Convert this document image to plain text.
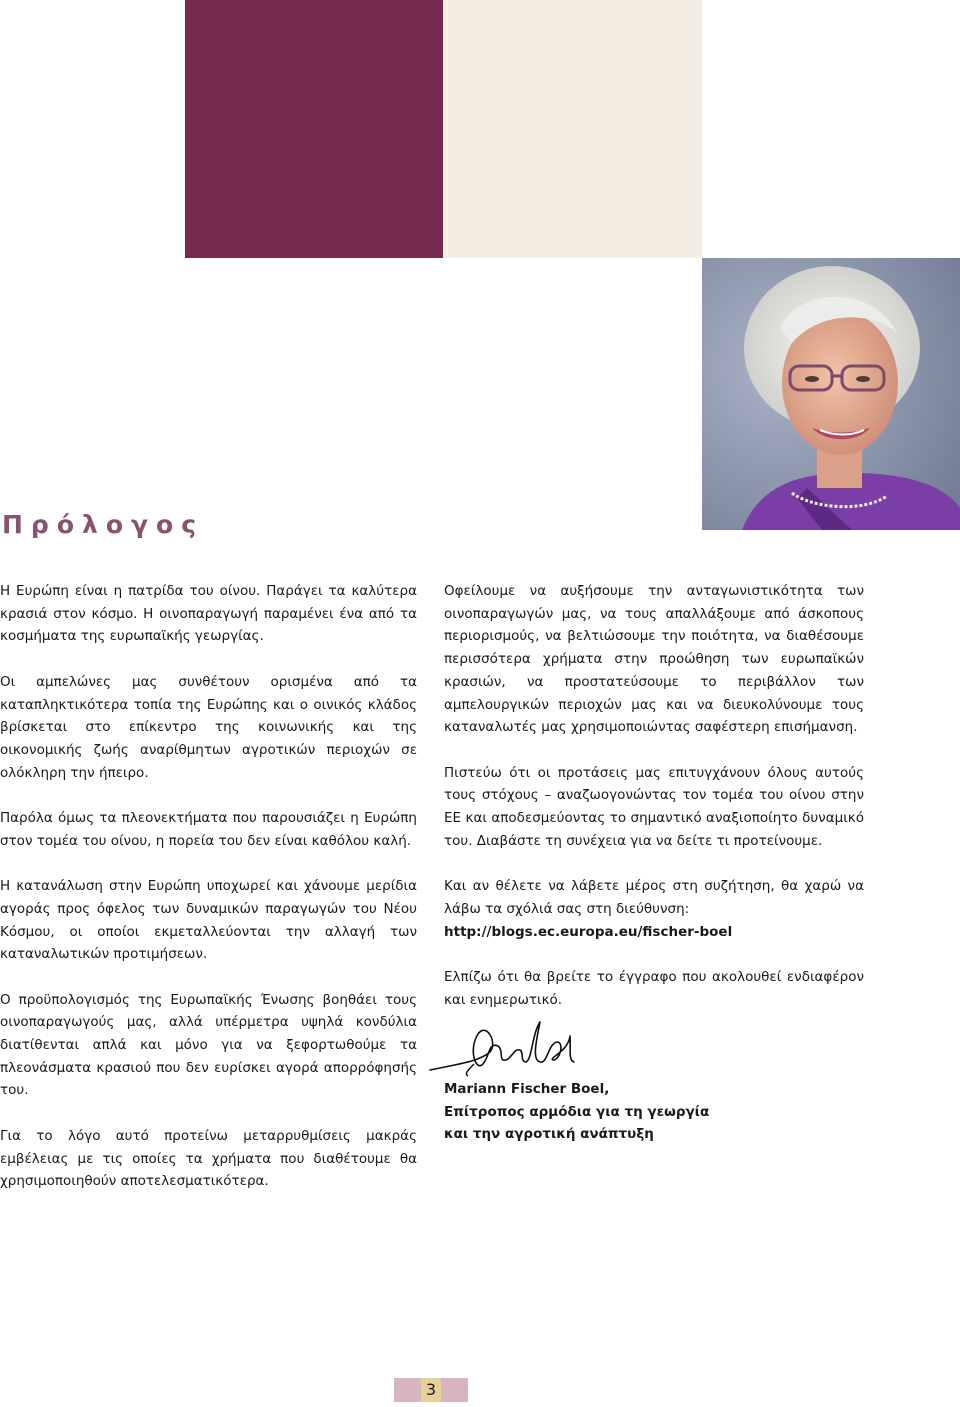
Πρόλογος

Η Ευρώπη είναι η πατρίδα του οίνου. Παράγει τα καλύτερα κρασιά στον κόσμο. Η οινοπαραγωγή παραμένει ένα από τα κοσμήματα της ευρωπαϊκής γεωργίας.

Οι αμπελώνες μας συνθέτουν ορισμένα από τα καταπληκτικότερα τοπία της Ευρώπης και ο οινικός κλάδος βρίσκεται στο επίκεντρο της κοινωνικής και της οικονομικής ζωής αναρίθμητων αγροτικών περιοχών σε ολόκληρη την ήπειρο.

Παρόλα όμως τα πλεονεκτήματα που παρουσιάζει η Ευρώπη στον τομέα του οίνου, η πορεία του δεν είναι καθόλου καλή.

Η κατανάλωση στην Ευρώπη υποχωρεί και χάνουμε μερίδια αγοράς προς όφελος των δυναμικών παραγωγών του Νέου Κόσμου, οι οποίοι εκμεταλλεύονται την αλλαγή των καταναλωτικών προτιμήσεων.

Ο προϋπολογισμός της Ευρωπαϊκής Ένωσης βοηθάει τους οινοπαραγωγούς μας, αλλά υπέρμετρα υψηλά κονδύλια διατίθενται απλά και μόνο για να ξεφορτωθούμε τα πλεονάσματα κρασιού που δεν ευρίσκει αγορά απορρόφησής του.

Για το λόγο αυτό προτείνω μεταρρυθμίσεις μακράς εμβέλειας με τις οποίες τα χρήματα που διαθέτουμε θα χρησιμοποιηθούν αποτελεσματικότερα.

Οφείλουμε να αυξήσουμε την ανταγωνιστικότητα των οινοπαραγωγών μας, να τους απαλλάξουμε από άσκοπους περιορισμούς, να βελτιώσουμε την ποιότητα, να διαθέσουμε περισσότερα χρήματα στην προώθηση των ευρωπαϊκών κρασιών, να προστατεύσουμε το περιβάλλον των αμπελουργικών περιοχών μας και να διευκολύνουμε τους καταναλωτές μας χρησιμοποιώντας σαφέστερη επισήμανση.

Πιστεύω ότι οι προτάσεις μας επιτυγχάνουν όλους αυτούς τους στόχους – αναζωογονώντας τον τομέα του οίνου στην ΕΕ και αποδεσμεύοντας το σημαντικό αναξιοποίητο δυναμικό του. Διαβάστε τη συνέχεια για να δείτε τι προτείνουμε.

Και αν θέλετε να λάβετε μέρος στη συζήτηση, θα χαρώ να λάβω τα σχόλιά σας στη διεύθυνση:
http://blogs.ec.europa.eu/fischer-boel

Ελπίζω ότι θα βρείτε το έγγραφο που ακολουθεί ενδιαφέρον και ενημερωτικό.

Mariann Fischer Boel,
Επίτροπος αρμόδια για τη γεωργία
και την αγροτική ανάπτυξη
3
